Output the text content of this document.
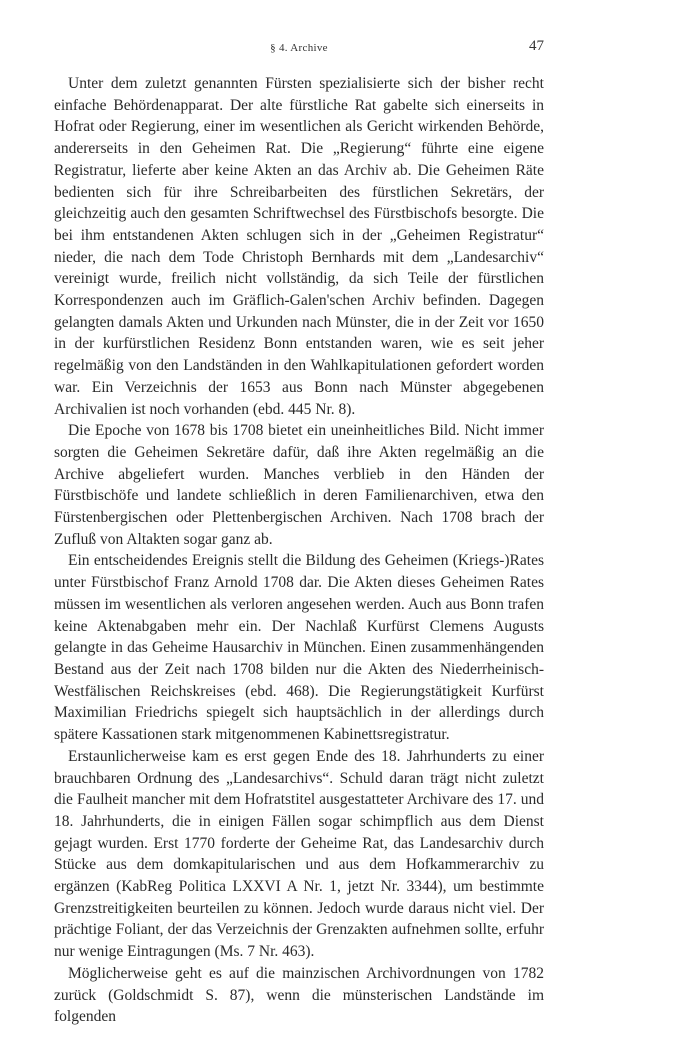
§ 4. Archive	47

Unter dem zuletzt genannten Fürsten spezialisierte sich der bisher recht einfache Behördenapparat. Der alte fürstliche Rat gabelte sich einerseits in Hofrat oder Regierung, einer im wesentlichen als Gericht wirkenden Behörde, andererseits in den Geheimen Rat. Die „Regierung“ führte eine eigene Registratur, lieferte aber keine Akten an das Archiv ab. Die Geheimen Räte bedienten sich für ihre Schreibarbeiten des fürstlichen Sekretärs, der gleichzeitig auch den gesamten Schriftwechsel des Fürstbischofs besorgte. Die bei ihm entstandenen Akten schlugen sich in der „Geheimen Registratur“ nieder, die nach dem Tode Christoph Bernhards mit dem „Landesarchiv“ vereinigt wurde, freilich nicht vollständig, da sich Teile der fürstlichen Korrespondenzen auch im Gräflich-Galen'schen Archiv befinden. Dagegen gelangten damals Akten und Urkunden nach Münster, die in der Zeit vor 1650 in der kurfürstlichen Residenz Bonn entstanden waren, wie es seit jeher regelmäßig von den Landständen in den Wahlkapitulationen gefordert worden war. Ein Verzeichnis der 1653 aus Bonn nach Münster abgegebenen Archivalien ist noch vorhanden (ebd. 445 Nr. 8).

Die Epoche von 1678 bis 1708 bietet ein uneinheitliches Bild. Nicht immer sorgten die Geheimen Sekretäre dafür, daß ihre Akten regelmäßig an die Archive abgeliefert wurden. Manches verblieb in den Händen der Fürstbischöfe und landete schließlich in deren Familienarchiven, etwa den Fürstenbergischen oder Plettenbergischen Archiven. Nach 1708 brach der Zufluß von Altakten sogar ganz ab.

Ein entscheidendes Ereignis stellt die Bildung des Geheimen (Kriegs-)Rates unter Fürstbischof Franz Arnold 1708 dar. Die Akten dieses Geheimen Rates müssen im wesentlichen als verloren angesehen werden. Auch aus Bonn trafen keine Aktenabgaben mehr ein. Der Nachlaß Kurfürst Clemens Augusts gelangte in das Geheime Hausarchiv in München. Einen zusammenhängenden Bestand aus der Zeit nach 1708 bilden nur die Akten des Niederrheinisch-Westfälischen Reichskreises (ebd. 468). Die Regierungstätigkeit Kurfürst Maximilian Friedrichs spiegelt sich hauptsächlich in der allerdings durch spätere Kassationen stark mitgenommenen Kabinettsregistratur.

Erstaunlicherweise kam es erst gegen Ende des 18. Jahrhunderts zu einer brauchbaren Ordnung des „Landesarchivs“. Schuld daran trägt nicht zuletzt die Faulheit mancher mit dem Hofratstitel ausgestatteter Archivare des 17. und 18. Jahrhunderts, die in einigen Fällen sogar schimpflich aus dem Dienst gejagt wurden. Erst 1770 forderte der Geheime Rat, das Landesarchiv durch Stücke aus dem domkapitularischen und aus dem Hofkammerarchiv zu ergänzen (KabReg Politica LXXVI A Nr. 1, jetzt Nr. 3344), um bestimmte Grenzstreitigkeiten beurteilen zu können. Jedoch wurde daraus nicht viel. Der prächtige Foliant, der das Verzeichnis der Grenzakten aufnehmen sollte, erfuhr nur wenige Eintragungen (Ms. 7 Nr. 463).

Möglicherweise geht es auf die mainzischen Archivordnungen von 1782 zurück (Goldschmidt S. 87), wenn die münsterischen Landstände im folgenden
